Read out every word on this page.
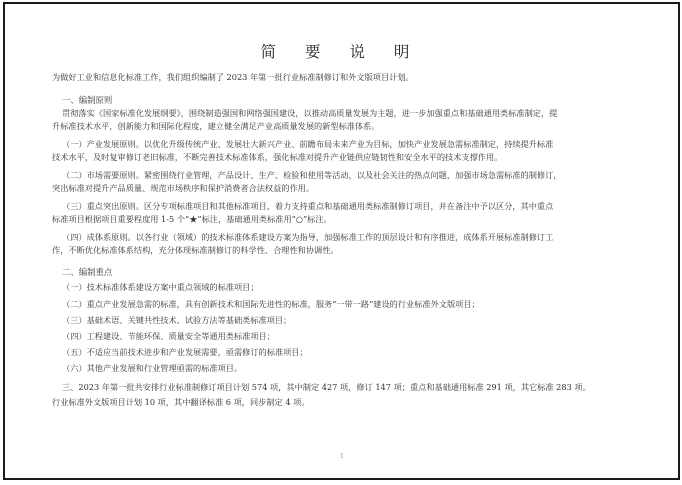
简 要 说 明
为做好工业和信息化标准工作，我们组织编制了 2023 年第一批行业标准制修订和外文版项目计划。
一、编制原则
贯彻落实《国家标准化发展纲要》，围绕制造强国和网络强国建设，以推动高质量发展为主题，进一步加强重点和基础通用类标准制定，提
升标准技术水平，创新能力和国际化程度，建立健全满足产业高质量发展的新型标准体系。
（一）产业发展原则。以优化升级传统产业、发展壮大新兴产业、前瞻布局未来产业为目标，加快产业发展急需标准制定，持续提升标准
技术水平，及时复审修订老旧标准，不断完善技术标准体系，强化标准对提升产业链供应链韧性和安全水平的技术支撑作用。
（二）市场需要原则。紧密围绕行业管理，产品设计、生产、检验和使用等活动，以及社会关注的热点问题，加强市场急需标准的制修订，
突出标准对提升产品质量、规范市场秩序和保护消费者合法权益的作用。
（三）重点突出原则。区分专项标准项目和其他标准项目，着力支持重点和基础通用类标准制修订项目，并在备注中予以区分，其中重点
标准项目根据项目重要程度用 1-5 个“★”标注，基础通用类标准用“○”标注。
（四）成体系原则。以各行业（领域）的技术标准体系建设方案为指导，加强标准工作的顶层设计和有序推进，成体系开展标准制修订工
作，不断优化标准体系结构，充分体现标准制修订的科学性、合理性和协调性。
二、编制重点
（一）技术标准体系建设方案中重点领域的标准项目；
（二）重点产业发展急需的标准，具有创新技术和国际先进性的标准，服务“一带一路”建设的行业标准外文版项目；
（三）基础术语、关键共性技术、试验方法等基础类标准项目；
（四）工程建设、节能环保、质量安全等通用类标准项目；
（五）不适应当前技术进步和产业发展需要，亟需修订的标准项目；
（六）其他产业发展和行业管理亟需的标准项目。
三、2023 年第一批共安排行业标准制修订项目计划 574 项，其中制定 427 项，修订 147 项；重点和基础通用标准 291 项，其它标准 283 项。
行业标准外文版项目计划 10 项，其中翻译标准 6 项，同步制定 4 项。
1
